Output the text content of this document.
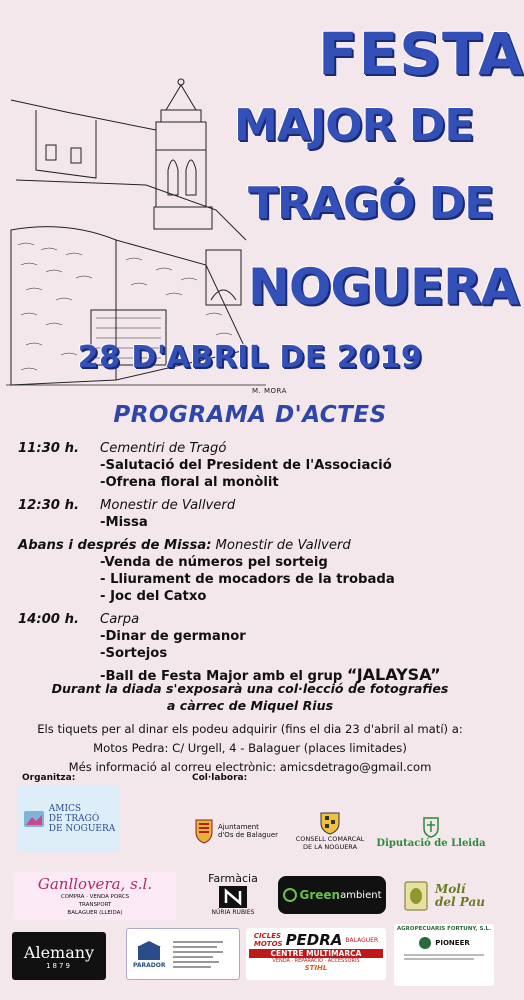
M. MORA
FESTA
MAJOR DE
TRAGÓ DE
NOGUERA
28 D'ABRIL DE 2019
PROGRAMA D'ACTES
11:30 h.	Cementiri de Tragó
-Salutació del President de l'Associació
-Ofrena floral al monòlit
12:30 h.	Monestir de Vallverd
-Missa
Abans i després de Missa: Monestir de Vallverd
-Venda de números pel sorteig
- Lliurament de mocadors de la trobada
- Joc del Catxo
14:00 h.	Carpa
-Dinar de germanor
-Sortejos
-Ball de Festa Major amb el grup “JALAYSA”
Durant la diada s'exposarà una col·lecció de fotografies
a càrrec de Miquel Rius
Els tiquets per al dinar els podeu adquirir (fins el dia 23 d'abril al matí) a:
Motos Pedra: C/ Urgell, 4 - Balaguer (places limitades)
Més informació al correu electrònic: amicsdetrago@gmail.com
Organitza:	Col·labora:
AMICS
DE TRAGÓ
DE NOGUERA	Ajuntament
d'Os de Balaguer	CONSELL COMARCAL
DE LA NOGUERA	Diputació de Lleida
Ganllovera, s.l.
COMPRA · VENDA PORCS
TRANSPORT
BALAGUER (LLEIDA)
Farmàcia
NÚRIA RUBIES
Green ambient	Molí
del Pau
Alemany
1879	PARADOR
CICLES
MOTOS PEDRA BALAGUER
CENTRE MULTIMARCA
VENDA · REPARACIÓ · ACCESSORIS
STIHL
AGROPECUARIS FORTUNY, S.L.
PIONEER
